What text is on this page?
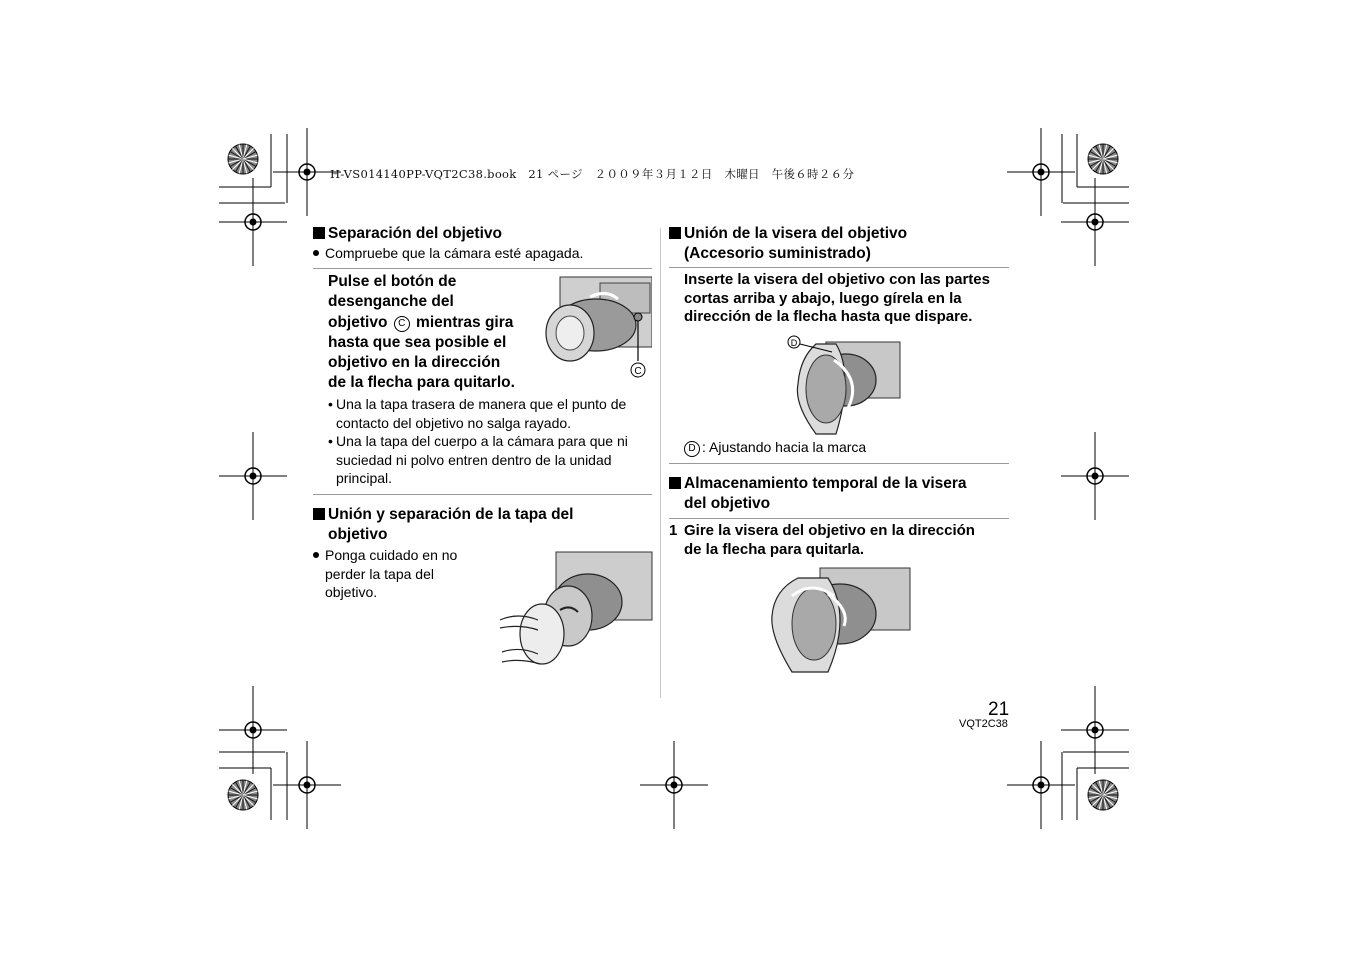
H-VS014140PP-VQT2C38.book 21 ページ ２００９年３月１２日　木曜日　午後６時２６分
Separación del objetivo
Compruebe que la cámara esté apagada.
Pulse el botón de
desenganche del
objetivo C mientras gira
hasta que sea posible el
objetivo en la dirección
de la flecha para quitarlo.
C
• Una la tapa trasera de manera que el punto de
contacto del objetivo no salga rayado.
• Una la tapa del cuerpo a la cámara para que ni
suciedad ni polvo entren dentro de la unidad
principal.
Unión y separación de la tapa del
objetivo
Ponga cuidado en no
perder la tapa del
objetivo.
Unión de la visera del objetivo
(Accesorio suministrado)
Inserte la visera del objetivo con las partes
cortas arriba y abajo, luego gírela en la
dirección de la flecha hasta que dispare.
D
D : Ajustando hacia la marca
Almacenamiento temporal de la visera
del objetivo
1 Gire la visera del objetivo en la dirección
de la flecha para quitarla.
21
VQT2C38
